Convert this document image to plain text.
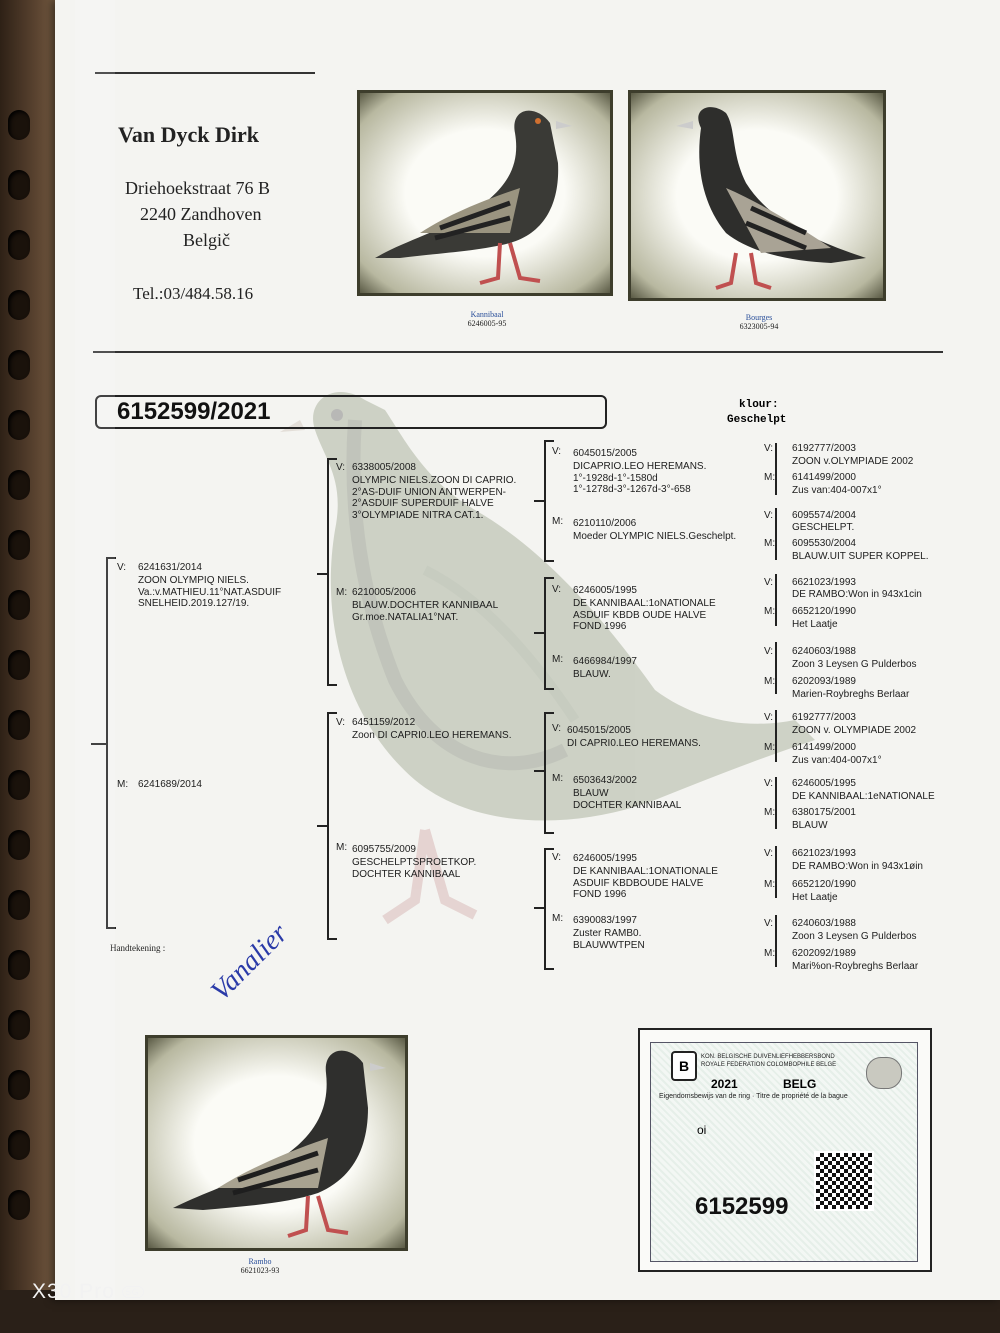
Van Dyck Dirk
Driehoekstraat 76 B
2240 Zandhoven
Belgič
Tel.:03/484.58.16
Kannibaal
6246005-95
Bourges
6323005-94
6152599/2021	klour:
Geschelpt
V: 6241631/2014
ZOON OLYMPIQ NIELS.
Va.:v.MATHIEU.11°NAT.ASDUIF
SNELHEID.2019.127/19.
M: 6241689/2014
Handtekening : Vanalier
V: 6338005/2008
OLYMPIC NIELS.ZOON DI CAPRIO.
2°AS-DUIF UNION ANTWERPEN-
2°ASDUIF SUPERDUIF HALVE
3°OLYMPIADE NITRA CAT.1.
M: 6210005/2006
BLAUW.DOCHTER KANNIBAAL
Gr.moe.NATALIA1°NAT.
V: 6451159/2012
Zoon DI CAPRI0.LEO HEREMANS.
M: 6095755/2009
GESCHELPTSPROETKOP.
DOCHTER KANNIBAAL
V: 6045015/2005
DICAPRIO.LEO HEREMANS.
1°-1928d-1°-1580d
1°-1278d-3°-1267d-3°-658
M: 6210110/2006
Moeder OLYMPIC NIELS.Geschelpt.
V: 6246005/1995
DE KANNIBAAL:1oNATIONALE
ASDUIF KBDB OUDE HALVE
FOND 1996
M: 6466984/1997
BLAUW.
V: 6045015/2005
DI CAPRI0.LEO HEREMANS.
M: 6503643/2002
BLAUW
DOCHTER KANNIBAAL
V: 6246005/1995
DE KANNIBAAL:1ONATIONALE
ASDUIF KBDBOUDE HALVE
FOND 1996
M: 6390083/1997
Zuster RAMB0.
BLAUWWTPEN
V: 6192777/2003
ZOON v.OLYMPIADE 2002
M: 6141499/2000
Zus van:404-007x1°
V: 6095574/2004
GESCHELPT.
M: 6095530/2004
BLAUW.UIT SUPER KOPPEL.
V: 6621023/1993
DE RAMBO:Won in 943x1cin
M: 6652120/1990
Het Laatje
V: 6240603/1988
Zoon 3 Leysen G Pulderbos
M: 6202093/1989
Marien-Roybreghs Berlaar
V: 6192777/2003
ZOON v. OLYMPIADE 2002
M: 6141499/2000
Zus van:404-007x1°
V: 6246005/1995
DE KANNIBAAL:1eNATIONALE
M: 6380175/2001
BLAUW
V: 6621023/1993
DE RAMBO:Won in 943x1øin
M: 6652120/1990
Het Laatje
V: 6240603/1988
Zoon 3 Leysen G Pulderbos
M: 6202092/1989
Mari%on-Roybreghs Berlaar
Rambo
6621023-93
B
KON. BELGISCHE DUIVENLIEFHEBBERSBOND
ROYALE FEDERATION COLOMBOPHILE BELGE
2021	BELG
Eigendomsbewijs van de ring · Titre de propriété de la bague
oi
6152599
X30 Pro 5G
